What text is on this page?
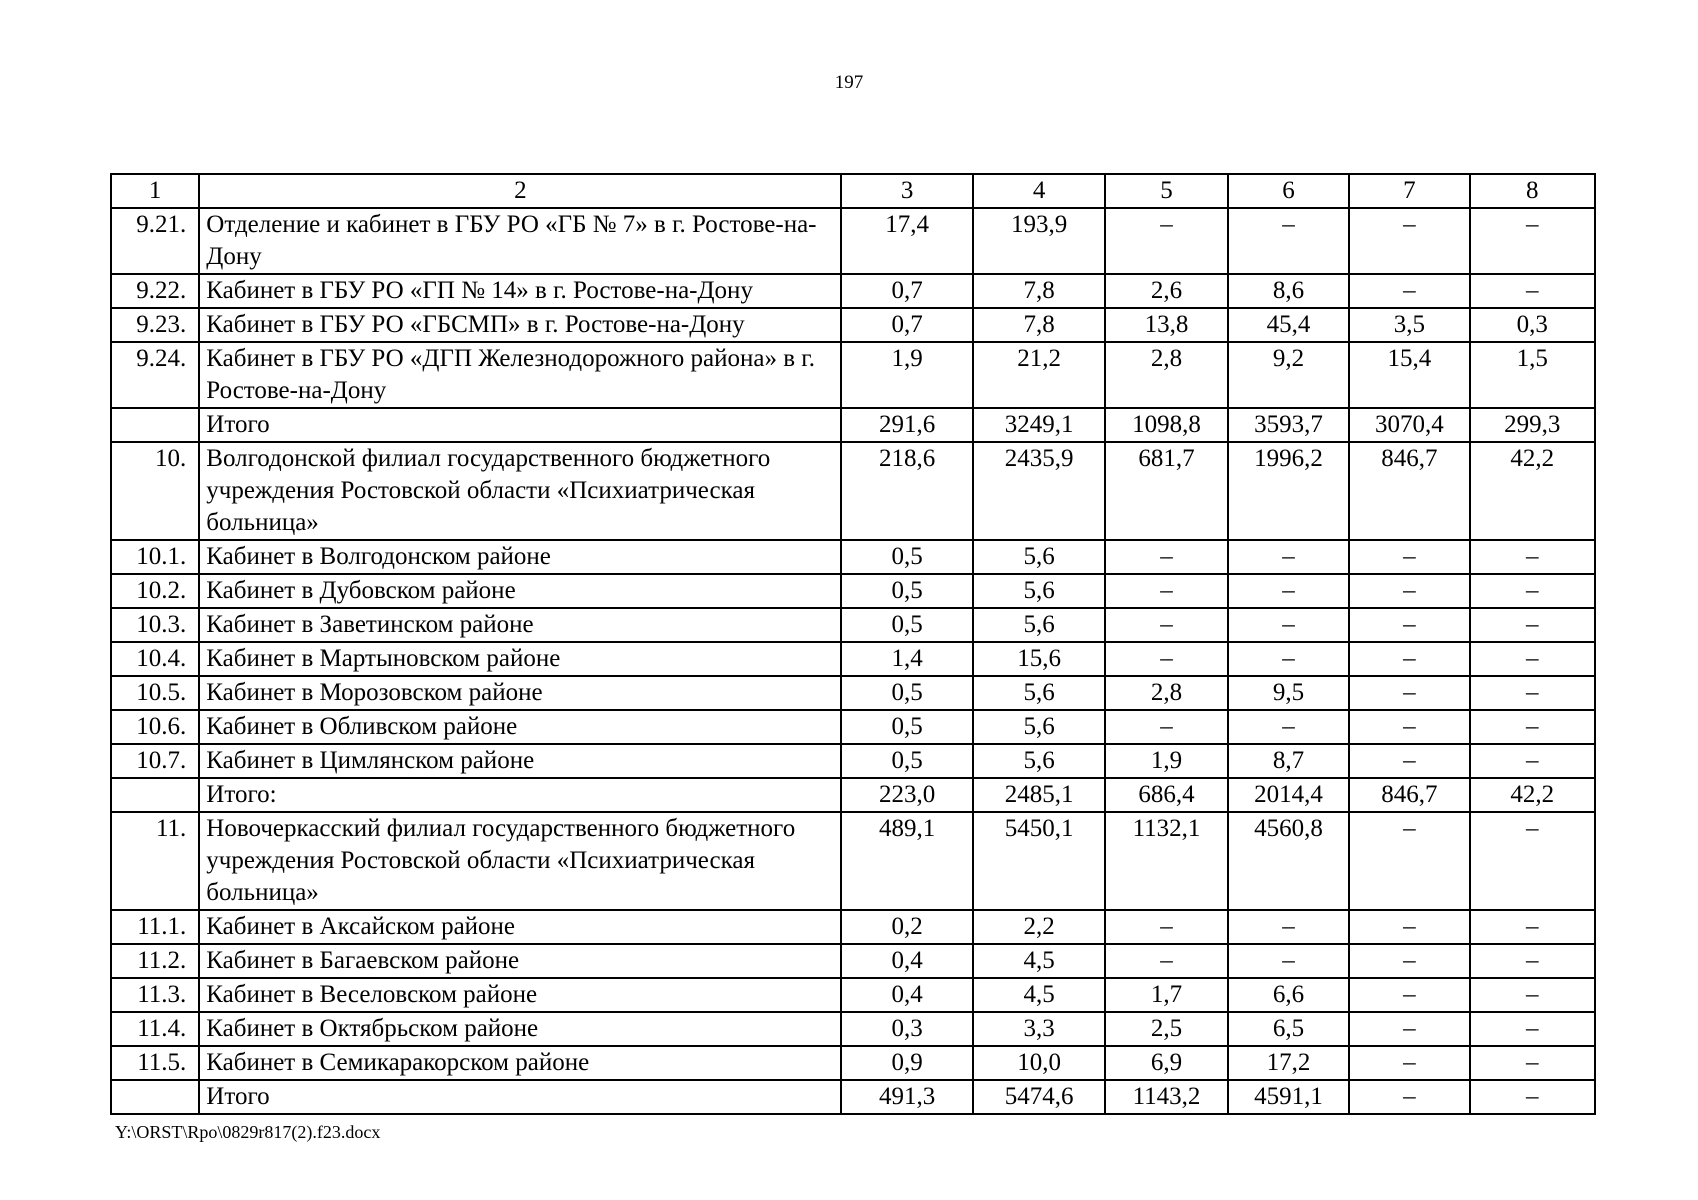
197
1	2	3	4	5	6	7	8
9.21.	Отделение и кабинет в ГБУ РО «ГБ № 7» в г. Ростове-на-Дону	17,4	193,9	–	–	–	–
9.22.	Кабинет в ГБУ РО «ГП № 14» в г. Ростове-на-Дону	0,7	7,8	2,6	8,6	–	–
9.23.	Кабинет в ГБУ РО «ГБСМП» в г. Ростове-на-Дону	0,7	7,8	13,8	45,4	3,5	0,3
9.24.	Кабинет в ГБУ РО «ДГП Железнодорожного района» в г. Ростове-на-Дону	1,9	21,2	2,8	9,2	15,4	1,5
	Итого	291,6	3249,1	1098,8	3593,7	3070,4	299,3
10.	Волгодонской филиал государственного бюджетного учреждения Ростовской области «Психиатрическая больница»	218,6	2435,9	681,7	1996,2	846,7	42,2
10.1.	Кабинет в Волгодонском районе	0,5	5,6	–	–	–	–
10.2.	Кабинет в Дубовском районе	0,5	5,6	–	–	–	–
10.3.	Кабинет в Заветинском районе	0,5	5,6	–	–	–	–
10.4.	Кабинет в Мартыновском районе	1,4	15,6	–	–	–	–
10.5.	Кабинет в Морозовском районе	0,5	5,6	2,8	9,5	–	–
10.6.	Кабинет в Обливском районе	0,5	5,6	–	–	–	–
10.7.	Кабинет в Цимлянском районе	0,5	5,6	1,9	8,7	–	–
	Итого:	223,0	2485,1	686,4	2014,4	846,7	42,2
11.	Новочеркасский филиал государственного бюджетного учреждения Ростовской области «Психиатрическая больница»	489,1	5450,1	1132,1	4560,8	–	–
11.1.	Кабинет в Аксайском районе	0,2	2,2	–	–	–	–
11.2.	Кабинет в Багаевском районе	0,4	4,5	–	–	–	–
11.3.	Кабинет в Веселовском районе	0,4	4,5	1,7	6,6	–	–
11.4.	Кабинет в Октябрьском районе	0,3	3,3	2,5	6,5	–	–
11.5.	Кабинет в Семикаракорском районе	0,9	10,0	6,9	17,2	–	–
	Итого	491,3	5474,6	1143,2	4591,1	–	–
Y:\ORST\Rpo\0829r817(2).f23.docx
